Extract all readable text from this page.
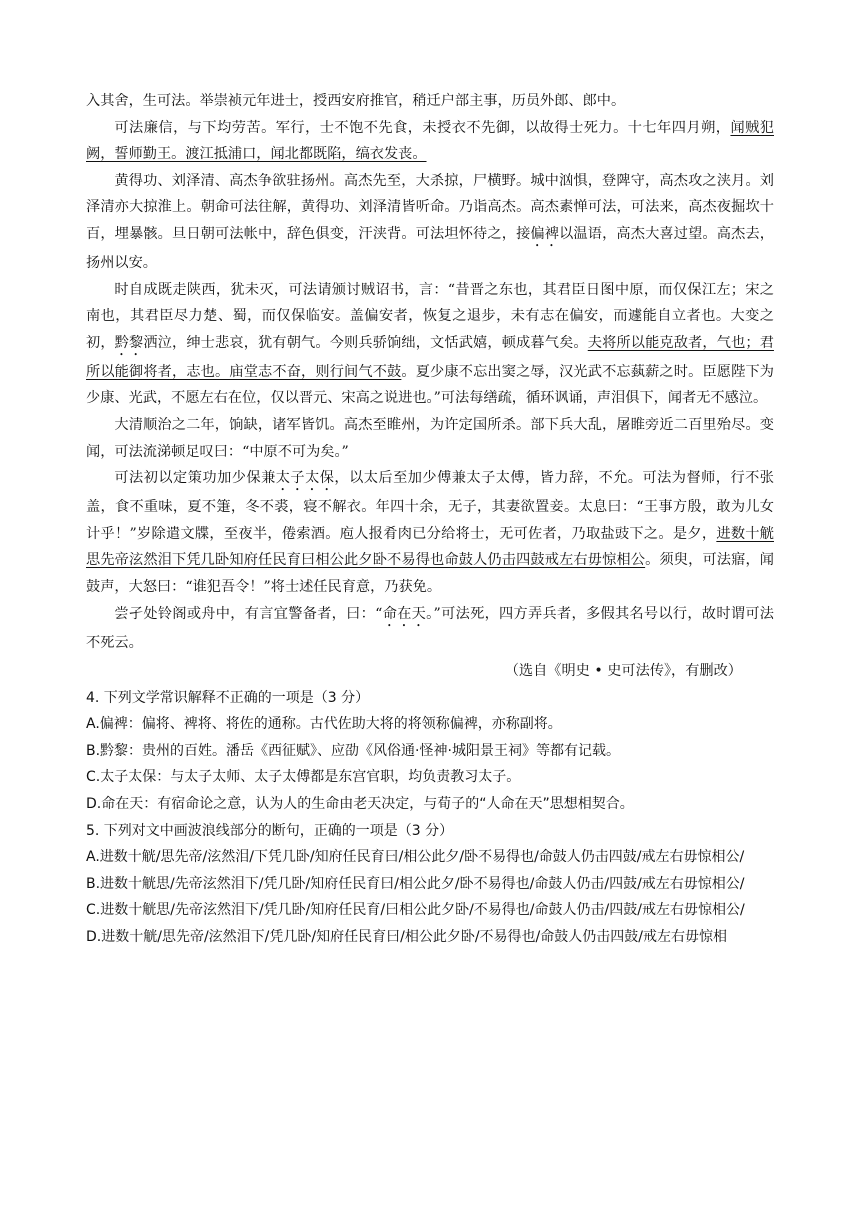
入其舍，生可法。举崇祯元年进士，授西安府推官，稍迁户部主事，历员外郎、郎中。

可法廉信，与下均劳苦。军行，士不饱不先食，未授衣不先御，以故得士死力。十七年四月朔，闻贼犯阙，誓师勤王。渡江抵浦口，闻北都既陷，缟衣发丧。

黄得功、刘泽清、高杰争欲驻扬州。高杰先至，大杀掠，尸横野。城中汹惧，登陴守，高杰攻之浃月。刘泽清亦大掠淮上。朝命可法往解，黄得功、刘泽清皆听命。乃诣高杰。高杰素惮可法，可法来，高杰夜掘坎十百，埋暴骸。旦日朝可法帐中，辞色俱变，汗浃背。可法坦怀待之，接偏裨以温语，高杰大喜过望。高杰去，扬州以安。

时自成既走陕西，犹未灭，可法请颁讨贼诏书，言：“昔晋之东也，其君臣日图中原，而仅保江左；宋之南也，其君臣尽力楚、蜀，而仅保临安。盖偏安者，恢复之退步，未有志在偏安，而遽能自立者也。大变之初，黔黎洒泣，绅士悲哀，犹有朝气。今则兵骄饷绌，文恬武嬉，顿成暮气矣。夫将所以能克敌者，气也；君所以能御将者，志也。庙堂志不奋，则行间气不鼓。夏少康不忘出窦之辱，汉光武不忘蓺薪之时。臣愿陛下为少康、光武，不愿左右在位，仅以晋元、宋高之说进也。”可法每缮疏，循环讽诵，声泪俱下，闻者无不感泣。

大清顺治之二年，饷缺，诸军皆饥。高杰至睢州，为许定国所杀。部下兵大乱，屠睢旁近二百里殆尽。变闻，可法流涕顿足叹曰：“中原不可为矣。”

可法初以定策功加少保兼太子太保，以太后至加少傅兼太子太傅，皆力辞，不允。可法为督师，行不张盖，食不重味，夏不箑，冬不裘，寝不解衣。年四十余，无子，其妻欲置妾。太息曰：“王事方殷，敢为儿女计乎！”岁除遣文牒，至夜半，倦索酒。庖人报肴肉已分给将士，无可佐者，乃取盐豉下之。是夕，进数十觥思先帝泫然泪下凭几卧知府任民育曰相公此夕卧不易得也命鼓人仍击四鼓戒左右毋惊相公。须臾，可法寤，闻鼓声，大怒曰：“谁犯吾令！”将士述任民育意，乃获免。

尝孑处铃阁或舟中，有言宜警备者，曰：“命在天。”可法死，四方弄兵者，多假其名号以行，故时谓可法不死云。

（选自《明史 • 史可法传》，有删改）

4. 下列文学常识解释不正确的一项是（3 分）

A.偏裨：偏将、裨将、将佐的通称。古代佐助大将的将领称偏裨，亦称副将。

B.黔黎：贵州的百姓。潘岳《西征赋》、应劭《风俗通·怪神·城阳景王祠》等都有记载。

C.太子太保：与太子太师、太子太傅都是东宫官职，均负责教习太子。

D.命在天：有宿命论之意，认为人的生命由老天决定，与荀子的“人命在天”思想相契合。

5. 下列对文中画波浪线部分的断句，正确的一项是（3 分）

A.进数十觥/思先帝/泫然泪/下凭几卧/知府任民育曰/相公此夕/卧不易得也/命鼓人仍击四鼓/戒左右毋惊相公/

B.进数十觥思/先帝泫然泪下/凭几卧/知府任民育曰/相公此夕/卧不易得也/命鼓人仍击/四鼓/戒左右毋惊相公/

C.进数十觥思/先帝泫然泪下/凭几卧/知府任民育/曰相公此夕卧/不易得也/命鼓人仍击/四鼓/戒左右毋惊相公/

D.进数十觥/思先帝/泫然泪下/凭几卧/知府任民育曰/相公此夕卧/不易得也/命鼓人仍击四鼓/戒左右毋惊相
